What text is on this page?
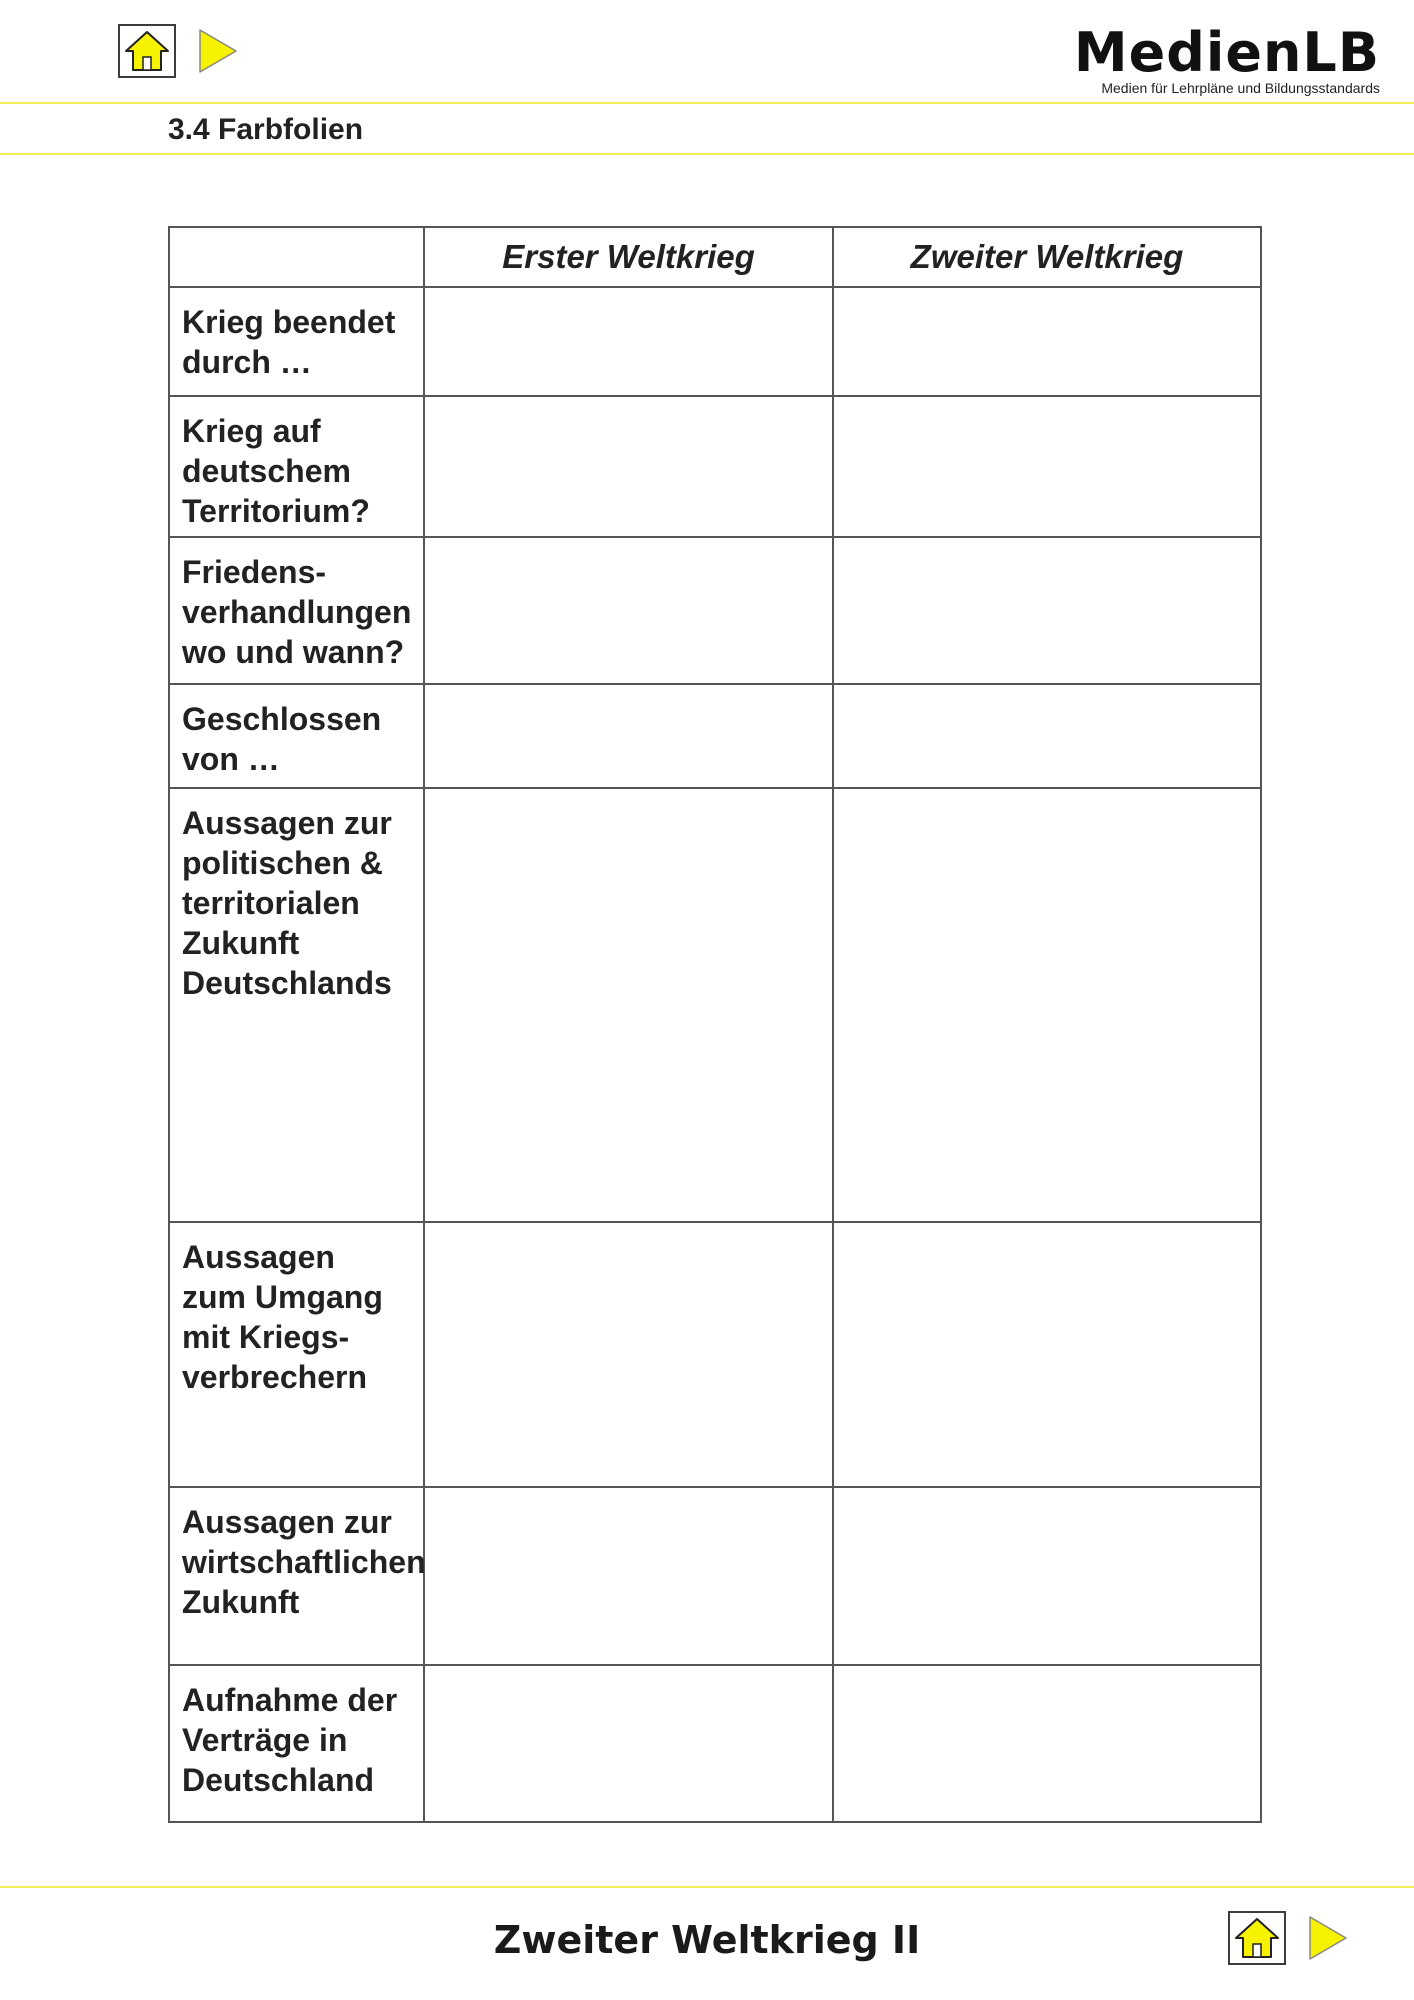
MedienLB
Medien für Lehrpläne und Bildungsstandards
3.4 Farbfolien
	Erster Weltkrieg	Zweiter Weltkrieg

Krieg beendet
durch …		

Krieg auf
deutschem
Territorium?		

Friedens-
verhandlungen
wo und wann?		

Geschlossen
von …		

Aussagen zur
politischen &
territorialen
Zukunft
Deutschlands		

Aussagen
zum Umgang
mit Kriegs-
verbrechern		

Aussagen zur
wirtschaftlichen
Zukunft		

Aufnahme der
Verträge in
Deutschland		

Zweiter Weltkrieg II
